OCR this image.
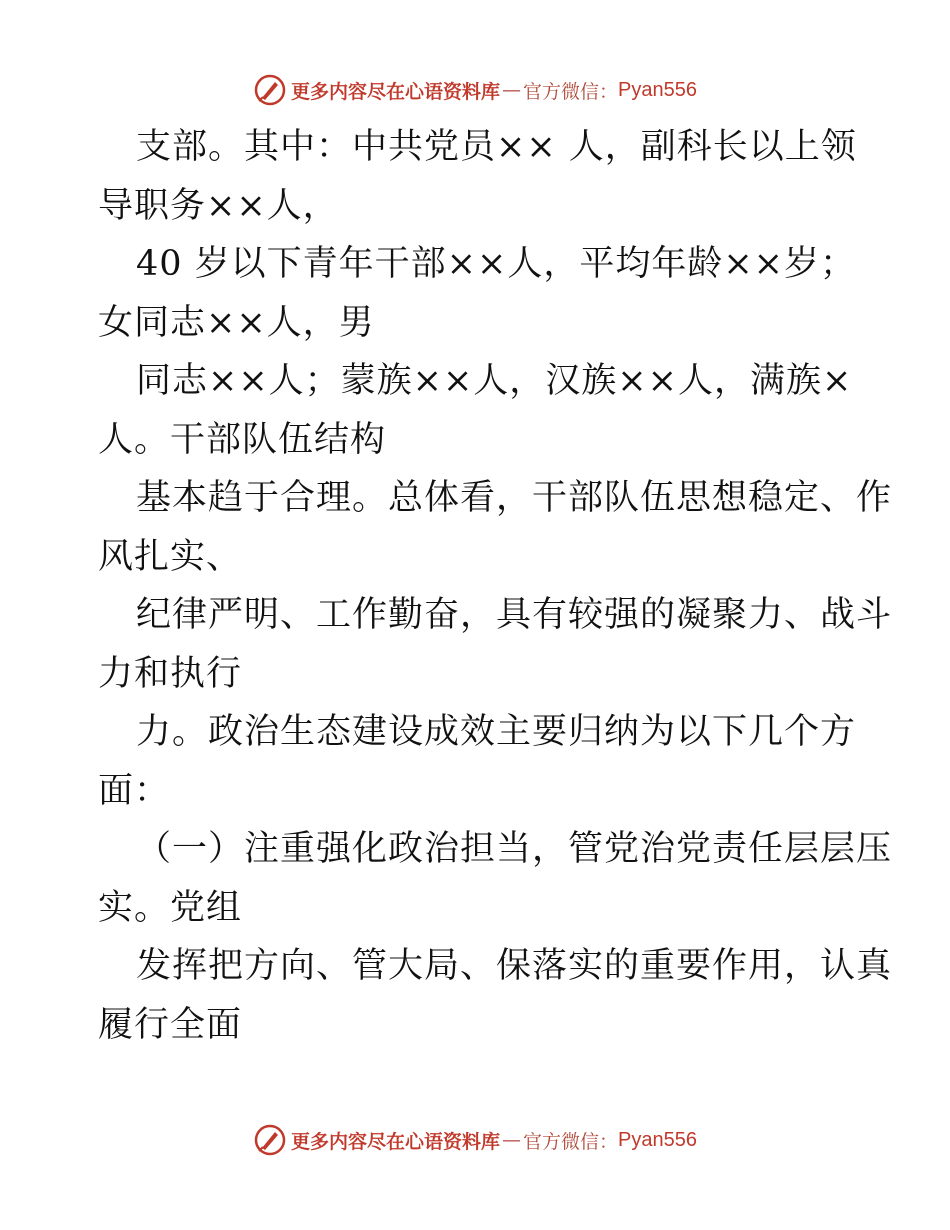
更多内容尽在心语资料库 — 官方微信： Pyan556
支部。其中：中共党员×× 人，副科长以上领
导职务××人，
40 岁以下青年干部××人，平均年龄××岁；
女同志××人，男
同志××人；蒙族××人，汉族××人，满族×
人。干部队伍结构
基本趋于合理。总体看，干部队伍思想稳定、作
风扎实、
纪律严明、工作勤奋，具有较强的凝聚力、战斗
力和执行
力。政治生态建设成效主要归纳为以下几个方
面：
（一）注重强化政治担当，管党治党责任层层压
实。党组
发挥把方向、管大局、保落实的重要作用，认真
履行全面
更多内容尽在心语资料库 — 官方微信： Pyan556
